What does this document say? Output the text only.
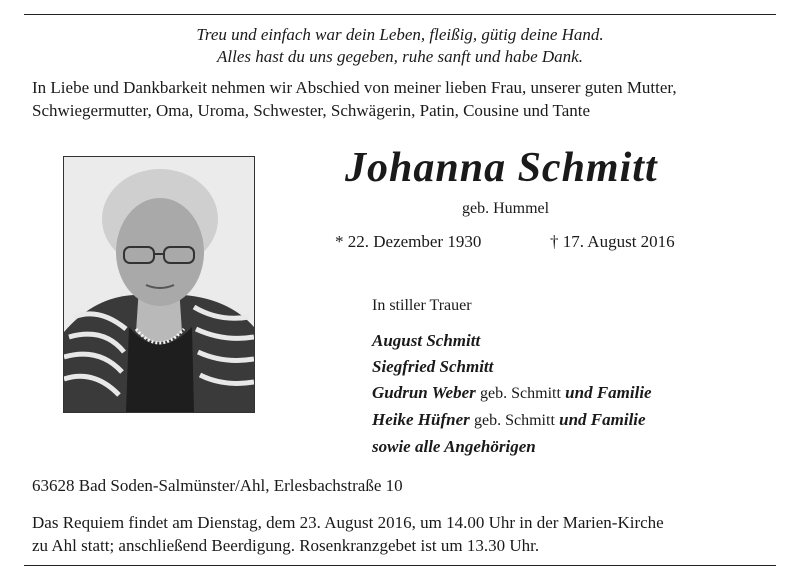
Treu und einfach war dein Leben, fleißig, gütig deine Hand.
Alles hast du uns gegeben, ruhe sanft und habe Dank.
In Liebe und Dankbarkeit nehmen wir Abschied von meiner lieben Frau, unserer guten Mutter,
Schwiegermutter, Oma, Uroma, Schwester, Schwägerin, Patin, Cousine und Tante
Johanna Schmitt
geb. Hummel
* 22. Dezember 1930	† 17. August 2016
In stiller Trauer
August Schmitt
Siegfried Schmitt
Gudrun Weber geb. Schmitt und Familie
Heike Hüfner geb. Schmitt und Familie
sowie alle Angehörigen
63628 Bad Soden-Salmünster/Ahl, Erlesbachstraße 10
Das Requiem findet am Dienstag, dem 23. August 2016, um 14.00 Uhr in der Marien-Kirche
zu Ahl statt; anschließend Beerdigung. Rosenkranzgebet ist um 13.30 Uhr.
